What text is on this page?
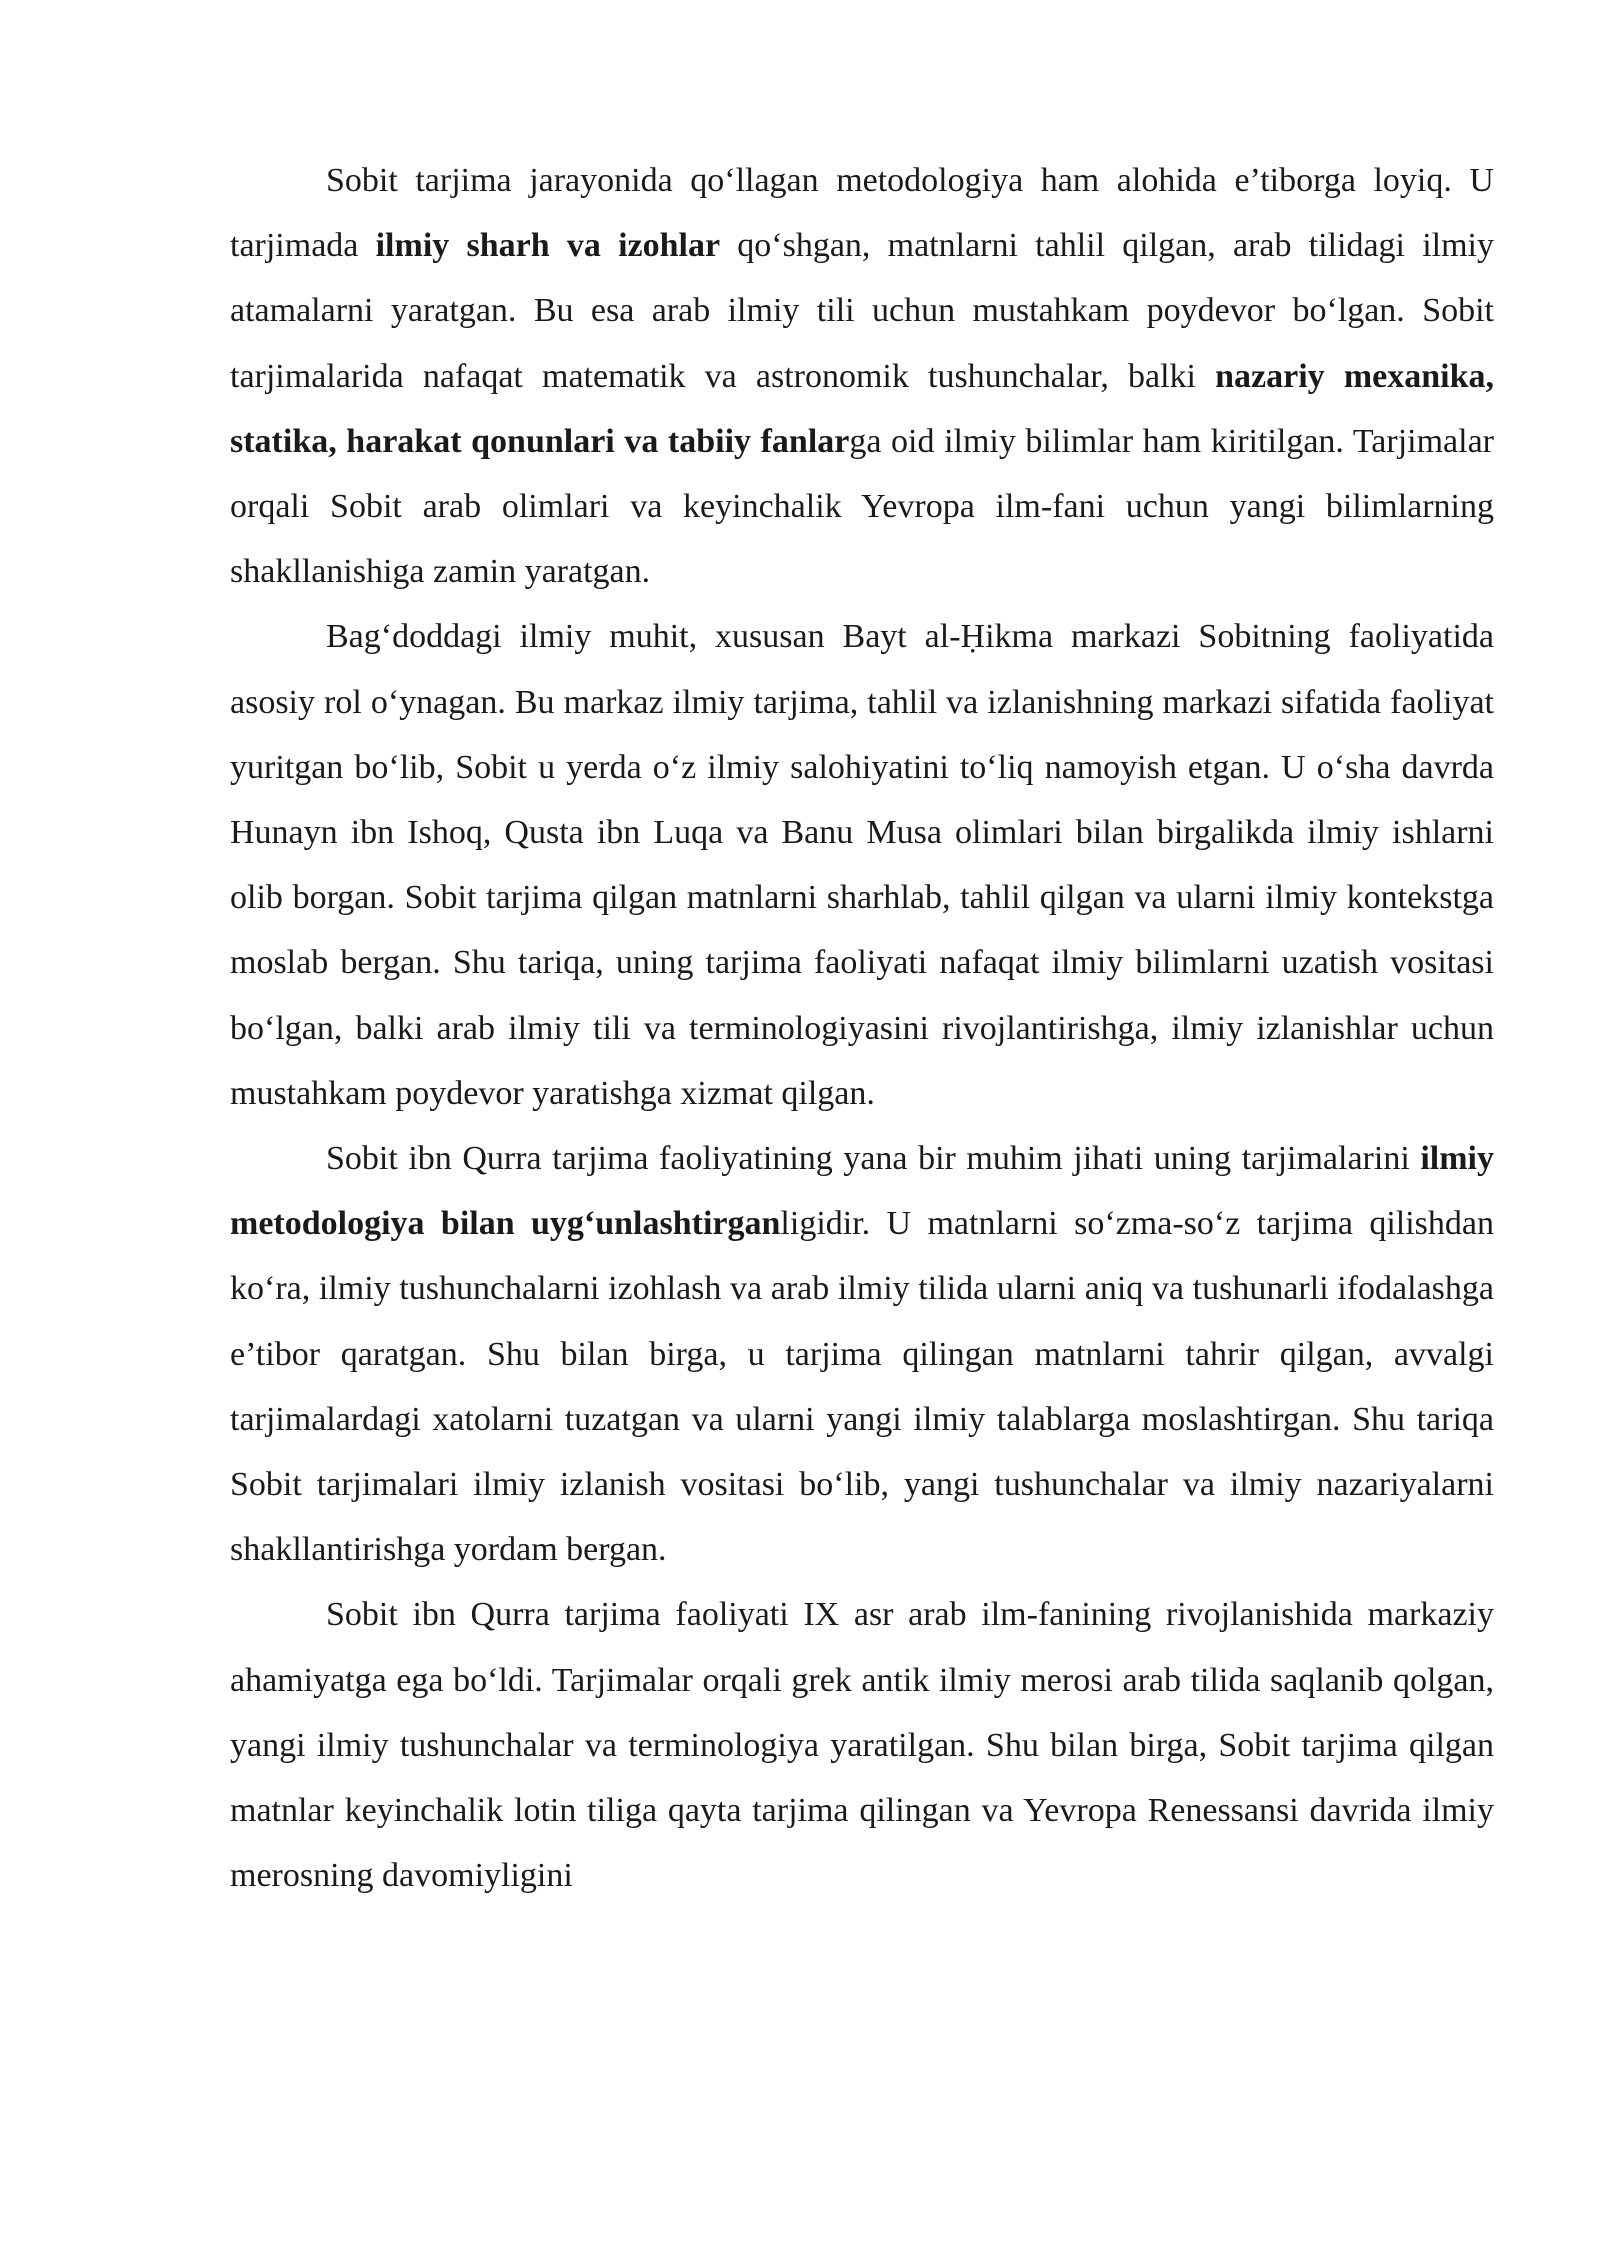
Sobit tarjima jarayonida qo‘llagan metodologiya ham alohida e’tiborga loyiq. U tarjimada ilmiy sharh va izohlar qo‘shgan, matnlarni tahlil qilgan, arab tilidagi ilmiy atamalarni yaratgan. Bu esa arab ilmiy tili uchun mustahkam poydevor bo‘lgan. Sobit tarjimalarida nafaqat matematik va astronomik tushunchalar, balki nazariy mexanika, statika, harakat qonunlari va tabiiy fanlarga oid ilmiy bilimlar ham kiritilgan. Tarjimalar orqali Sobit arab olimlari va keyinchalik Yevropa ilm-fani uchun yangi bilimlarning shakllanishiga zamin yaratgan.

Bag‘doddagi ilmiy muhit, xususan Bayt al-Ḥikma markazi Sobitning faoliyatida asosiy rol o‘ynagan. Bu markaz ilmiy tarjima, tahlil va izlanishning markazi sifatida faoliyat yuritgan bo‘lib, Sobit u yerda o‘z ilmiy salohiyatini to‘liq namoyish etgan. U o‘sha davrda Hunayn ibn Ishoq, Qusta ibn Luqa va Banu Musa olimlari bilan birgalikda ilmiy ishlarni olib borgan. Sobit tarjima qilgan matnlarni sharhlab, tahlil qilgan va ularni ilmiy kontekstga moslab bergan. Shu tariqa, uning tarjima faoliyati nafaqat ilmiy bilimlarni uzatish vositasi bo‘lgan, balki arab ilmiy tili va terminologiyasini rivojlantirishga, ilmiy izlanishlar uchun mustahkam poydevor yaratishga xizmat qilgan.

Sobit ibn Qurra tarjima faoliyatining yana bir muhim jihati uning tarjimalarini ilmiy metodologiya bilan uyg‘unlashtirganligidir. U matnlarni so‘zma-so‘z tarjima qilishdan ko‘ra, ilmiy tushunchalarni izohlash va arab ilmiy tilida ularni aniq va tushunarli ifodalashga e’tibor qaratgan. Shu bilan birga, u tarjima qilingan matnlarni tahrir qilgan, avvalgi tarjimalardagi xatolarni tuzatgan va ularni yangi ilmiy talablarga moslashtirgan. Shu tariqa Sobit tarjimalari ilmiy izlanish vositasi bo‘lib, yangi tushunchalar va ilmiy nazariyalarni shakllantirishga yordam bergan.

Sobit ibn Qurra tarjima faoliyati IX asr arab ilm-fanining rivojlanishida markaziy ahamiyatga ega bo‘ldi. Tarjimalar orqali grek antik ilmiy merosi arab tilida saqlanib qolgan, yangi ilmiy tushunchalar va terminologiya yaratilgan. Shu bilan birga, Sobit tarjima qilgan matnlar keyinchalik lotin tiliga qayta tarjima qilingan va Yevropa Renessansi davrida ilmiy merosning davomiyligini
